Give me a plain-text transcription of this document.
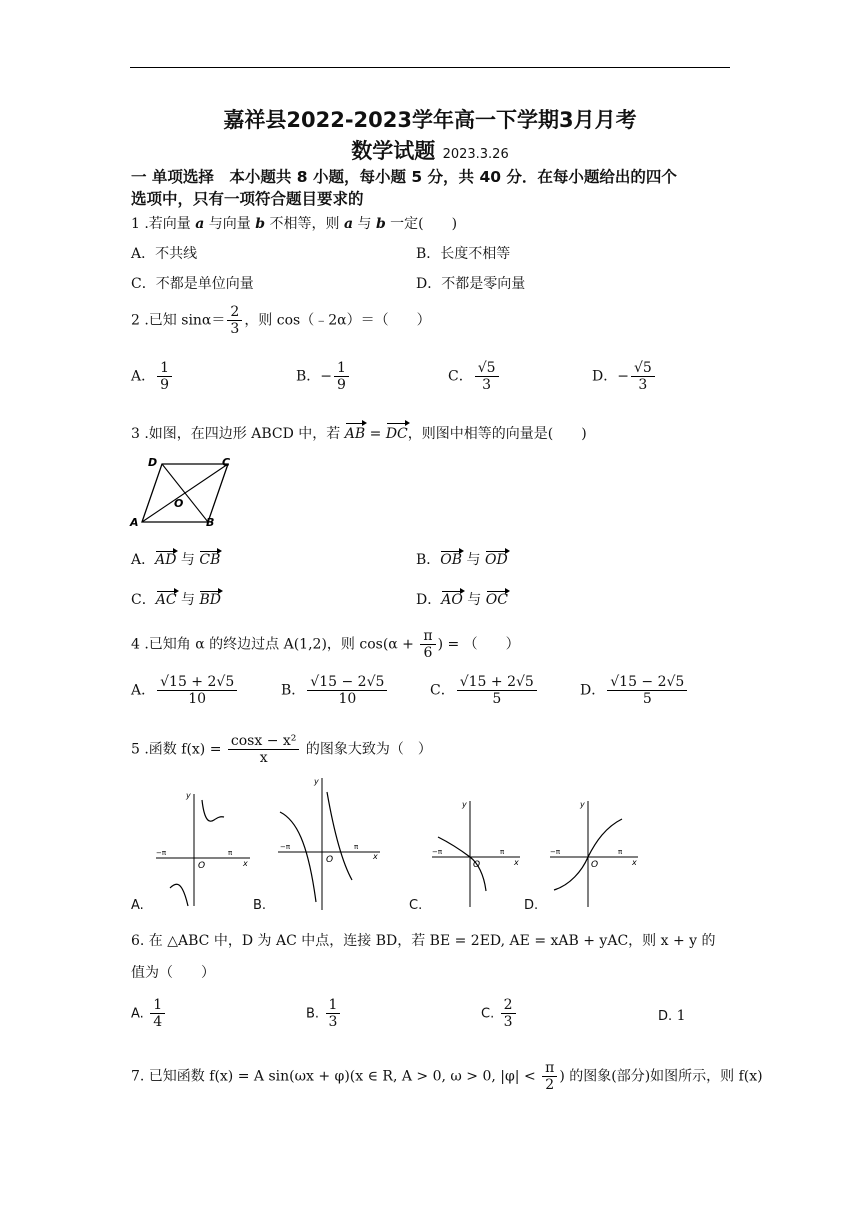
嘉祥县2022-2023学年高一下学期3月月考
数学试题 2023.3.26
一 单项选择　本小题共 8 小题，每小题 5 分，共 40 分．在每小题给出的四个
选项中，只有一项符合题目要求的
1 .若向量 a 与向量 b 不相等，则 a 与 b 一定(　　)
A．不共线	B．长度不相等
C．不都是单位向量	D．不都是零向量
2 .已知 $\sin\alpha= \frac{2}{3}$ ，则 cos（﹣2α）＝（　　）
A． $\frac{1}{9}$	B．− $\frac{1}{9}$	C． $\frac{√5}{3}$	D．− $\frac{√5}{3}$
3 .如图，在四边形 ABCD 中，若 AB = DC，则图中相等的向量是(　　)
A	B
C
D
O
A．AD 与 CB	B．OB 与 OD
C．AC 与 BD	D．AO 与 OC
4 .已知角 α 的终边过点 A(1,2)，则 $\cos(\alpha + \frac{\pi}{6}$ ) = （　　）
A． $\frac{√15 + 2√5}{10}$	B． $\frac{√15 - 2√5}{10}$	C． $\frac{√15 + 2√5}{5}$	D． $\frac{√15 - 2√5}{5}$
5 .函数 $f(x) = \frac{\text{cosx − x²}}{x}$ 的图象大致为（　）
y
x
O
−π	π
y
x
O
−π	π
y
x
O
−π	π
y
x
O
−π	π
A.	B.	C.	D.
6. 在 △ABC 中，D 为 AC 中点，连接 BD，若 BE = 2ED, AE = xAB + yAC，则 x + y 的
值为（　　）
A. $\frac{1}{4}$	B. $\frac{1}{3}$	C. $\frac{2}{3}$	D. 1
7. 已知函数 f(x) = A sin(ωx + φ)(x ∈ R, A > 0, ω > 0, $|\varphi| < \frac{\pi}{2}$ ) 的图象(部分)如图所示，则 f(x)
